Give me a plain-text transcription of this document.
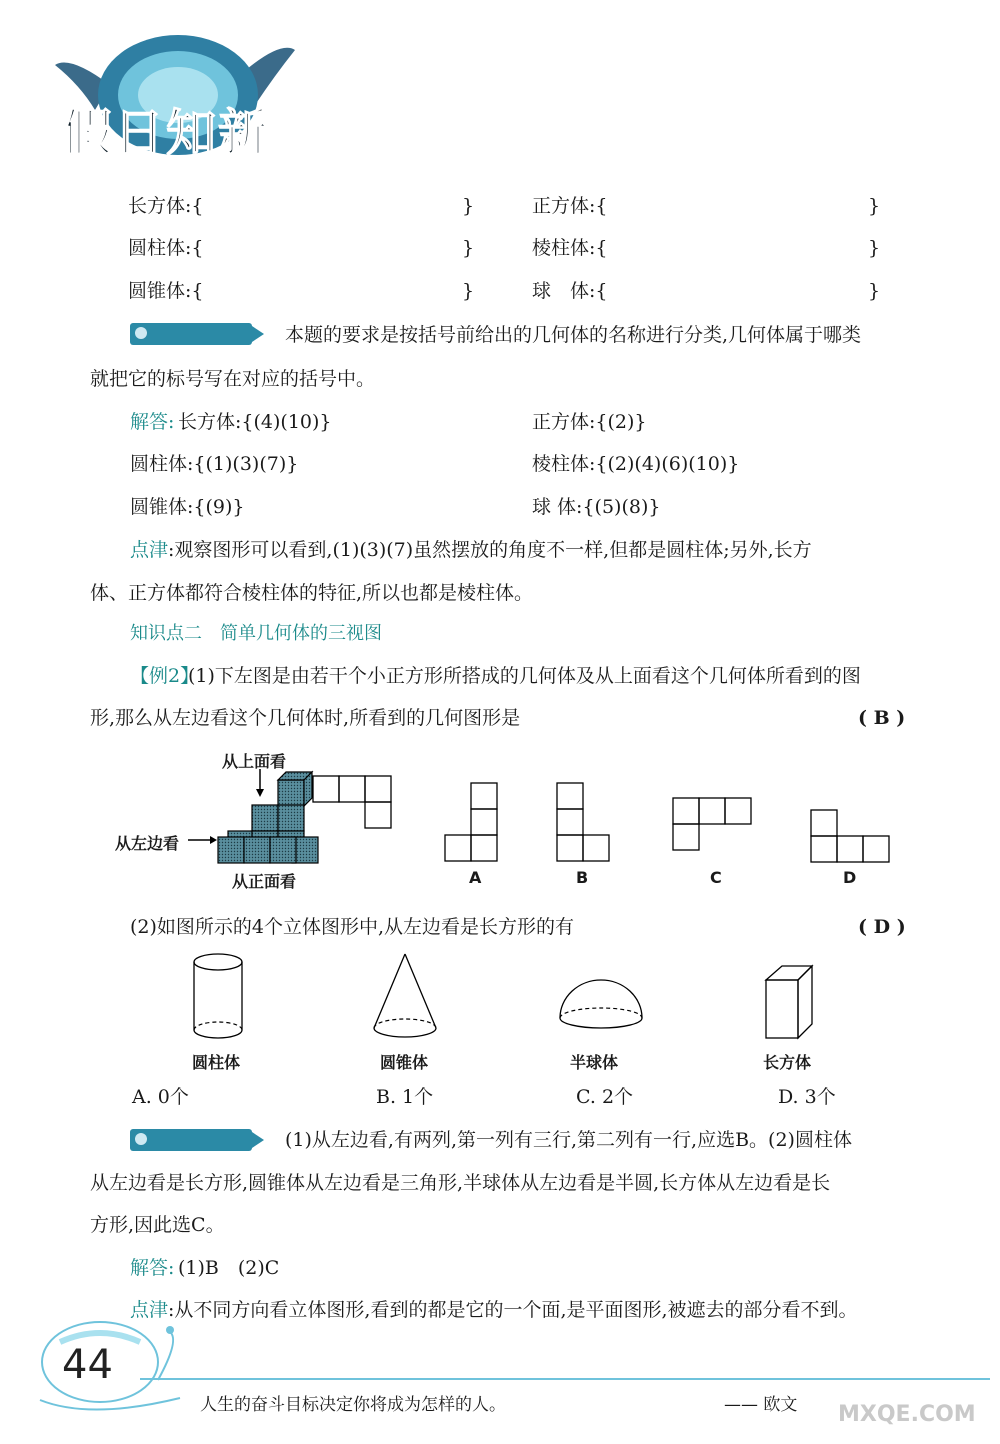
假日知新
长方体:{	}	正方体:{	}
圆柱体:{	}	棱柱体:{	}
圆锥体:{	}	球　体:{	}
本题的要求是按括号前给出的几何体的名称进行分类,几何体属于哪类
就把它的标号写在对应的括号中。
解答: 长方体:{(4)(10)}	正方体:{(2)}
圆柱体:{(1)(3)(7)}	棱柱体:{(2)(4)(6)(10)}
圆锥体:{(9)}	球 体:{(5)(8)}
点津 :观察图形可以看到,(1)(3)(7)虽然摆放的角度不一样,但都是圆柱体;另外,长方
体、正方体都符合棱柱体的特征,所以也都是棱柱体。
知识点二　简单几何体的三视图
【例2】
(1)下左图是由若干个小正方形所搭成的几何体及从上面看这个几何体所看到的图
形,那么从左边看这个几何体时,所看到的几何图形是	( B )
从上面看
从左边看
从正面看	A	B	C	D
(2)如图所示的4个立体图形中,从左边看是长方形的有	( D )
圆柱体	圆锥体	半球体	长方体
A. 0个	B. 1个	C. 2个	D. 3个
(1)从左边看,有两列,第一列有三行,第二列有一行,应选B。(2)圆柱体
从左边看是长方形,圆锥体从左边看是三角形,半球体从左边看是半圆,长方体从左边看是长
方形,因此选C。
解答: (1)B　(2)C
点津 :从不同方向看立体图形,看到的都是它的一个面,是平面图形,被遮去的部分看不到。
44
人生的奋斗目标决定你将成为怎样的人。	—— 欧文 MXQE.COM
